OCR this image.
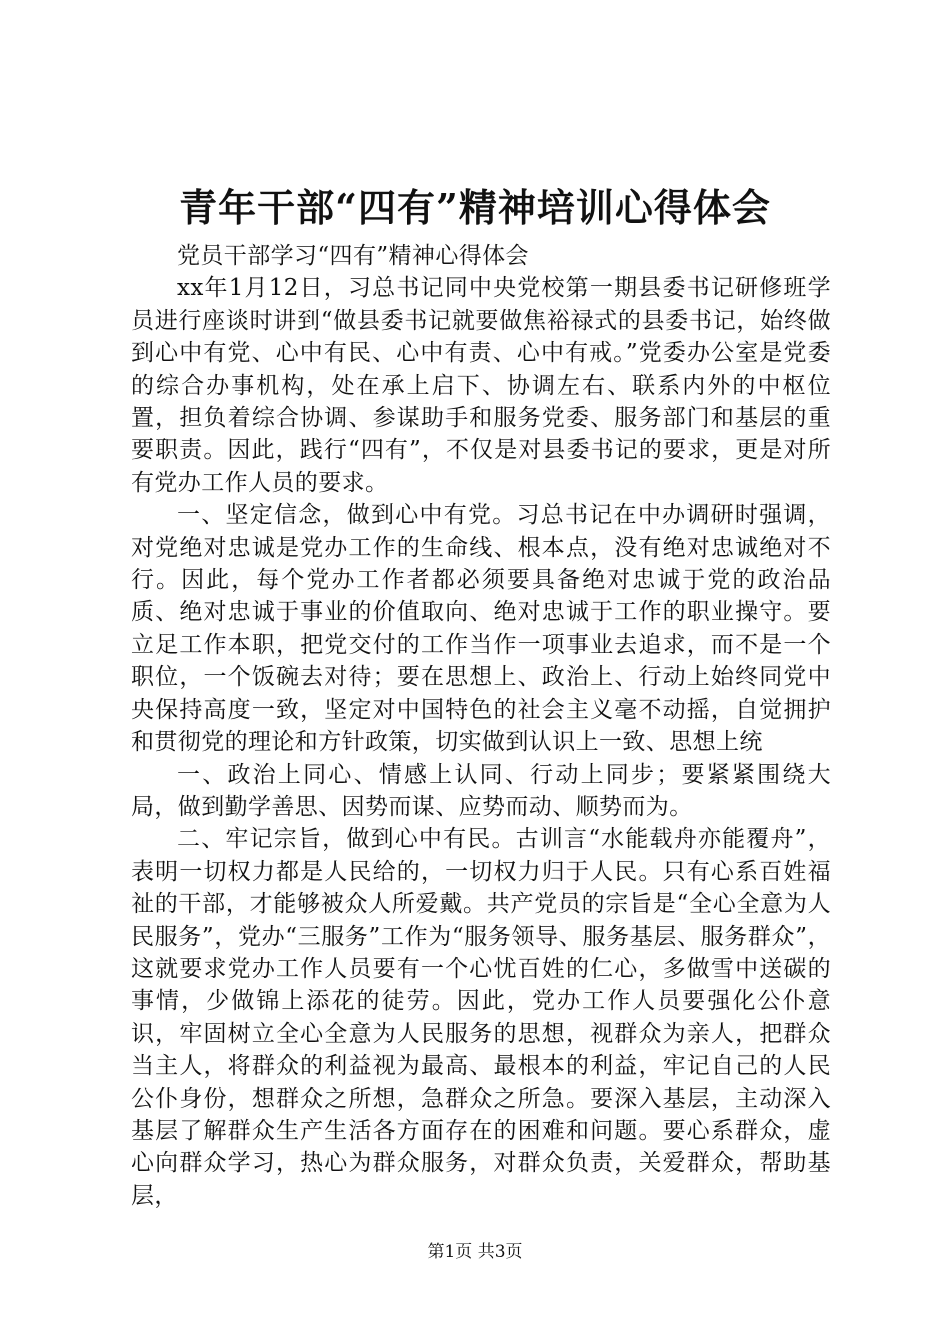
青年干部“四有”精神培训心得体会

党员干部学习“四有”精神心得体会

xx年1月12日，习总书记同中央党校第一期县委书记研修班学员进行座谈时讲到“做县委书记就要做焦裕禄式的县委书记，始终做到心中有党、心中有民、心中有责、心中有戒。”党委办公室是党委的综合办事机构，处在承上启下、协调左右、联系内外的中枢位置，担负着综合协调、参谋助手和服务党委、服务部门和基层的重要职责。因此，践行“四有”，不仅是对县委书记的要求，更是对所有党办工作人员的要求。

一、坚定信念，做到心中有党。习总书记在中办调研时强调，对党绝对忠诚是党办工作的生命线、根本点，没有绝对忠诚绝对不行。因此，每个党办工作者都必须要具备绝对忠诚于党的政治品质、绝对忠诚于事业的价值取向、绝对忠诚于工作的职业操守。要立足工作本职，把党交付的工作当作一项事业去追求，而不是一个职位，一个饭碗去对待；要在思想上、政治上、行动上始终同党中央保持高度一致，坚定对中国特色的社会主义毫不动摇，自觉拥护和贯彻党的理论和方针政策，切实做到认识上一致、思想上统

一、政治上同心、情感上认同、行动上同步；要紧紧围绕大局，做到勤学善思、因势而谋、应势而动、顺势而为。

二、牢记宗旨，做到心中有民。古训言“水能载舟亦能覆舟”，表明一切权力都是人民给的，一切权力归于人民。只有心系百姓福祉的干部，才能够被众人所爱戴。共产党员的宗旨是“全心全意为人民服务”，党办“三服务”工作为“服务领导、服务基层、服务群众”，这就要求党办工作人员要有一个心忧百姓的仁心，多做雪中送碳的事情，少做锦上添花的徒劳。因此，党办工作人员要强化公仆意识，牢固树立全心全意为人民服务的思想，视群众为亲人，把群众当主人，将群众的利益视为最高、最根本的利益，牢记自己的人民公仆身份，想群众之所想，急群众之所急。要深入基层，主动深入基层了解群众生产生活各方面存在的困难和问题。要心系群众，虚心向群众学习，热心为群众服务，对群众负责，关爱群众，帮助基层，

第1页 共3页
